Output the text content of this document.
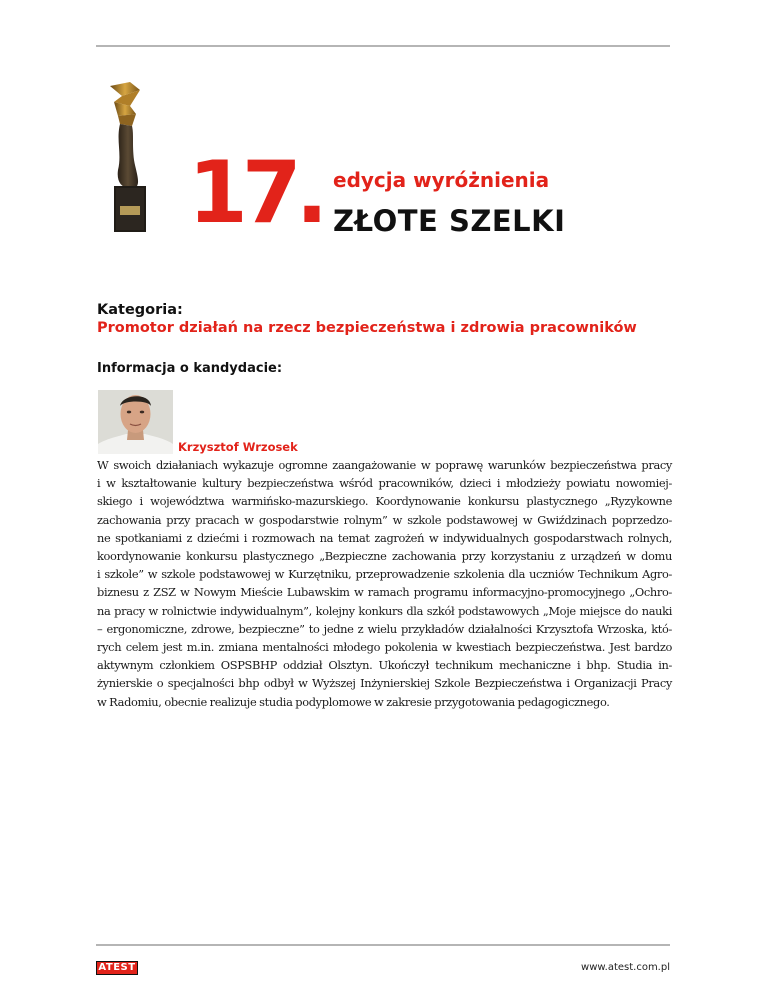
17. edycja wyróżnienia
ZŁOTE SZELKI
Kategoria:
Promotor działań na rzecz bezpieczeństwa i zdrowia pracowników
Informacja o kandydacie:
Krzysztof Wrzosek
W swoich działaniach wykazuje ogromne zaangażowanie w poprawę warunków bezpieczeństwa pracy
i w kształtowanie kultury bezpieczeństwa wśród pracowników, dzieci i młodzieży powiatu nowomiej-
skiego i województwa warmińsko-mazurskiego. Koordynowanie konkursu plastycznego „Ryzykowne
zachowania przy pracach w gospodarstwie rolnym” w szkole podstawowej w Gwiździnach poprzedzo-
ne spotkaniami z dziećmi i rozmowach na temat zagrożeń w indywidualnych gospodarstwach rolnych,
koordynowanie konkursu plastycznego „Bezpieczne zachowania przy korzystaniu z urządzeń w domu
i szkole” w szkole podstawowej w Kurzętniku, przeprowadzenie szkolenia dla uczniów Technikum Agro-
biznesu z ZSZ w Nowym Mieście Lubawskim w ramach programu informacyjno-promocyjnego „Ochro-
na pracy w rolnictwie indywidualnym”, kolejny konkurs dla szkół podstawowych „Moje miejsce do nauki
– ergonomiczne, zdrowe, bezpieczne” to jedne z wielu przykładów działalności Krzysztofa Wrzoska, któ-
rych celem jest m.in. zmiana mentalności młodego pokolenia w kwestiach bezpieczeństwa. Jest bardzo
aktywnym członkiem OSPSBHP oddział Olsztyn. Ukończył technikum mechaniczne i bhp. Studia in-
żynierskie o specjalności bhp odbył w Wyższej Inżynierskiej Szkole Bezpieczeństwa i Organizacji Pracy
w Radomiu, obecnie realizuje studia podyplomowe w zakresie przygotowania pedagogicznego.
ATEST	www.atest.com.pl
